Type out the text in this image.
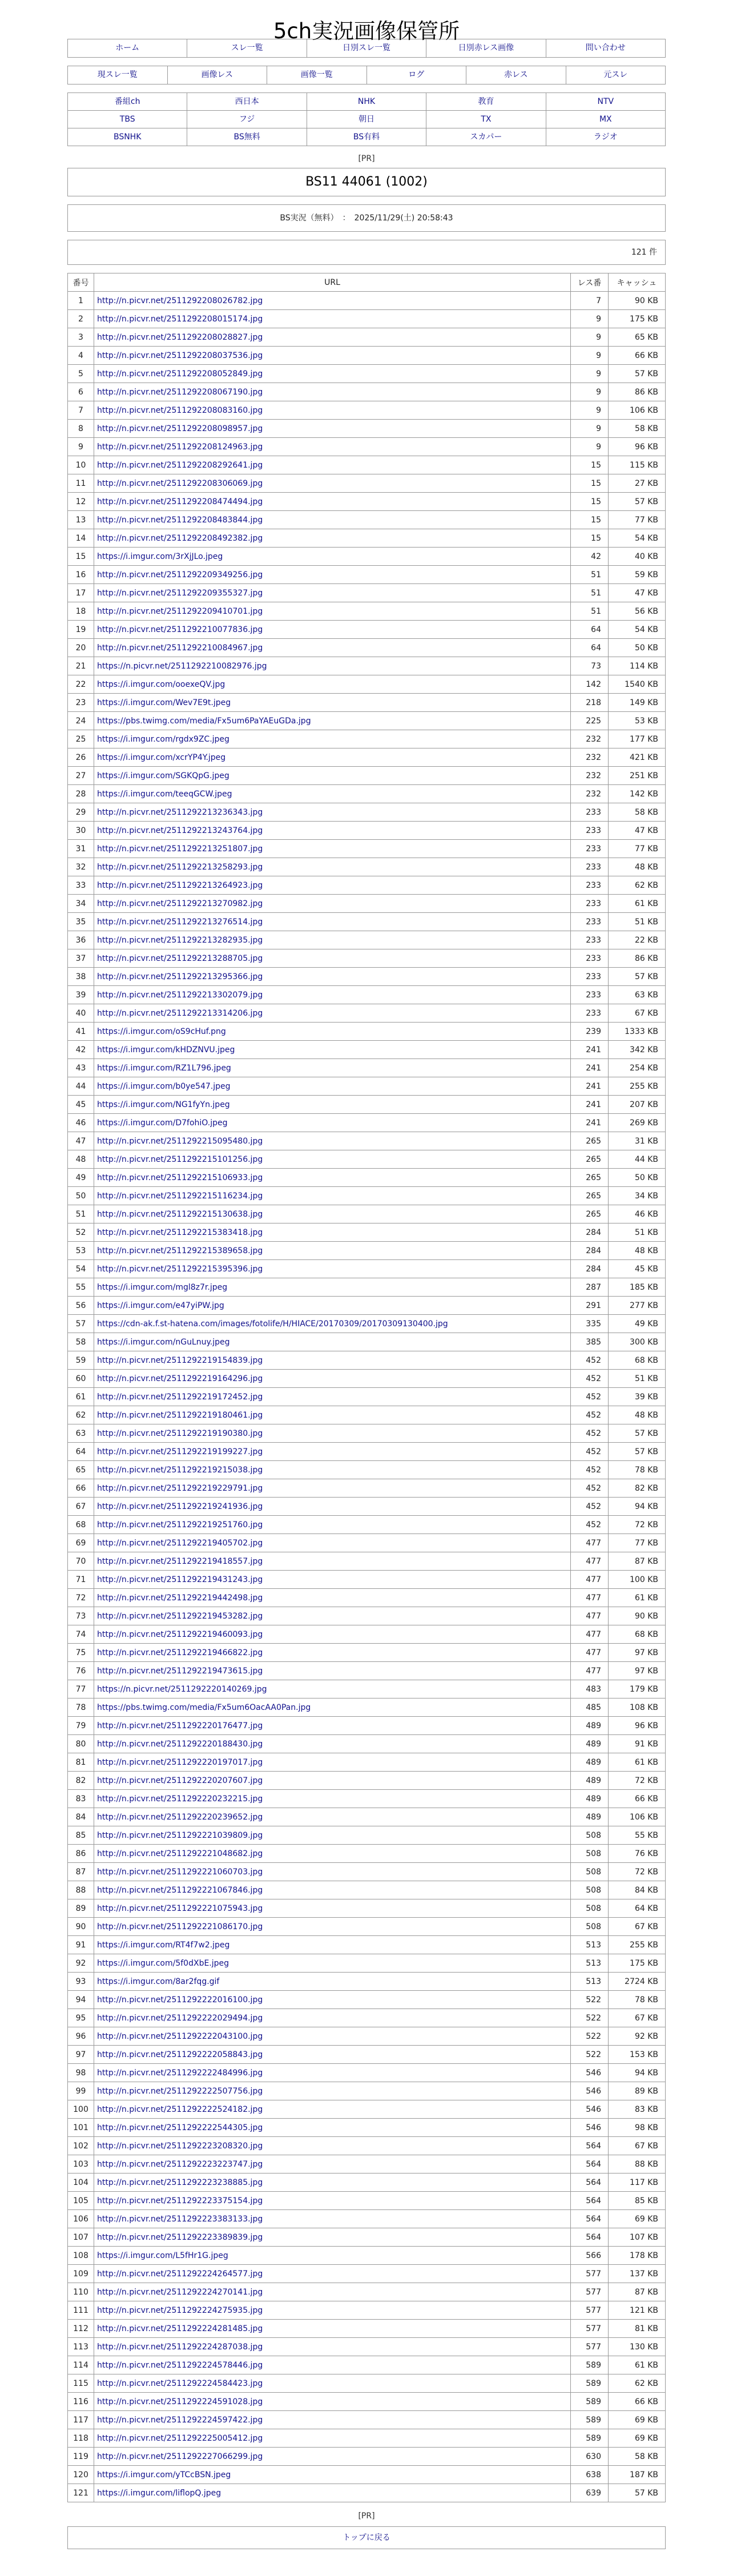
5ch実況画像保管所
ホーム	スレ一覧	日別スレ一覧	日別赤レス画像	問い合わせ
現スレ一覧	画像レス	画像一覧	ログ	赤レス	元スレ
番組ch	西日本	NHK	教育	NTV
TBS	フジ	朝日	TX	MX
BSNHK	BS無料	BS有料	スカパー	ラジオ
[PR]
BS11 44061 (1002)
BS実況（無料）　：　2025/11/29(土) 20:58:43
121 件
番号	URL	レス番	キャッシュ
1	http://n.picvr.net/2511292208026782.jpg	7	90 KB
2	http://n.picvr.net/2511292208015174.jpg	9	175 KB
3	http://n.picvr.net/2511292208028827.jpg	9	65 KB
4	http://n.picvr.net/2511292208037536.jpg	9	66 KB
5	http://n.picvr.net/2511292208052849.jpg	9	57 KB
6	http://n.picvr.net/2511292208067190.jpg	9	86 KB
7	http://n.picvr.net/2511292208083160.jpg	9	106 KB
8	http://n.picvr.net/2511292208098957.jpg	9	58 KB
9	http://n.picvr.net/2511292208124963.jpg	9	96 KB
10	http://n.picvr.net/2511292208292641.jpg	15	115 KB
11	http://n.picvr.net/2511292208306069.jpg	15	27 KB
12	http://n.picvr.net/2511292208474494.jpg	15	57 KB
13	http://n.picvr.net/2511292208483844.jpg	15	77 KB
14	http://n.picvr.net/2511292208492382.jpg	15	54 KB
15	https://i.imgur.com/3rXjJLo.jpeg	42	40 KB
16	http://n.picvr.net/2511292209349256.jpg	51	59 KB
17	http://n.picvr.net/2511292209355327.jpg	51	47 KB
18	http://n.picvr.net/2511292209410701.jpg	51	56 KB
19	http://n.picvr.net/2511292210077836.jpg	64	54 KB
20	http://n.picvr.net/2511292210084967.jpg	64	50 KB
21	https://n.picvr.net/2511292210082976.jpg	73	114 KB
22	https://i.imgur.com/ooexeQV.jpg	142	1540 KB
23	https://i.imgur.com/Wev7E9t.jpeg	218	149 KB
24	https://pbs.twimg.com/media/Fx5um6PaYAEuGDa.jpg	225	53 KB
25	https://i.imgur.com/rgdx9ZC.jpeg	232	177 KB
26	https://i.imgur.com/xcrYP4Y.jpeg	232	421 KB
27	https://i.imgur.com/SGKQpG.jpeg	232	251 KB
28	https://i.imgur.com/teeqGCW.jpeg	232	142 KB
29	http://n.picvr.net/2511292213236343.jpg	233	58 KB
30	http://n.picvr.net/2511292213243764.jpg	233	47 KB
31	http://n.picvr.net/2511292213251807.jpg	233	77 KB
32	http://n.picvr.net/2511292213258293.jpg	233	48 KB
33	http://n.picvr.net/2511292213264923.jpg	233	62 KB
34	http://n.picvr.net/2511292213270982.jpg	233	61 KB
35	http://n.picvr.net/2511292213276514.jpg	233	51 KB
36	http://n.picvr.net/2511292213282935.jpg	233	22 KB
37	http://n.picvr.net/2511292213288705.jpg	233	86 KB
38	http://n.picvr.net/2511292213295366.jpg	233	57 KB
39	http://n.picvr.net/2511292213302079.jpg	233	63 KB
40	http://n.picvr.net/2511292213314206.jpg	233	67 KB
41	https://i.imgur.com/oS9cHuf.png	239	1333 KB
42	https://i.imgur.com/kHDZNVU.jpeg	241	342 KB
43	https://i.imgur.com/RZ1L796.jpeg	241	254 KB
44	https://i.imgur.com/b0ye547.jpeg	241	255 KB
45	https://i.imgur.com/NG1fyYn.jpeg	241	207 KB
46	https://i.imgur.com/D7fohiO.jpeg	241	269 KB
47	http://n.picvr.net/2511292215095480.jpg	265	31 KB
48	http://n.picvr.net/2511292215101256.jpg	265	44 KB
49	http://n.picvr.net/2511292215106933.jpg	265	50 KB
50	http://n.picvr.net/2511292215116234.jpg	265	34 KB
51	http://n.picvr.net/2511292215130638.jpg	265	46 KB
52	http://n.picvr.net/2511292215383418.jpg	284	51 KB
53	http://n.picvr.net/2511292215389658.jpg	284	48 KB
54	http://n.picvr.net/2511292215395396.jpg	284	45 KB
55	https://i.imgur.com/mgl8z7r.jpeg	287	185 KB
56	https://i.imgur.com/e47yiPW.jpg	291	277 KB
57	https://cdn-ak.f.st-hatena.com/images/fotolife/H/HIACE/20170309/20170309130400.jpg	335	49 KB
58	https://i.imgur.com/nGuLnuy.jpeg	385	300 KB
59	http://n.picvr.net/2511292219154839.jpg	452	68 KB
60	http://n.picvr.net/2511292219164296.jpg	452	51 KB
61	http://n.picvr.net/2511292219172452.jpg	452	39 KB
62	http://n.picvr.net/2511292219180461.jpg	452	48 KB
63	http://n.picvr.net/2511292219190380.jpg	452	57 KB
64	http://n.picvr.net/2511292219199227.jpg	452	57 KB
65	http://n.picvr.net/2511292219215038.jpg	452	78 KB
66	http://n.picvr.net/2511292219229791.jpg	452	82 KB
67	http://n.picvr.net/2511292219241936.jpg	452	94 KB
68	http://n.picvr.net/2511292219251760.jpg	452	72 KB
69	http://n.picvr.net/2511292219405702.jpg	477	77 KB
70	http://n.picvr.net/2511292219418557.jpg	477	87 KB
71	http://n.picvr.net/2511292219431243.jpg	477	100 KB
72	http://n.picvr.net/2511292219442498.jpg	477	61 KB
73	http://n.picvr.net/2511292219453282.jpg	477	90 KB
74	http://n.picvr.net/2511292219460093.jpg	477	68 KB
75	http://n.picvr.net/2511292219466822.jpg	477	97 KB
76	http://n.picvr.net/2511292219473615.jpg	477	97 KB
77	https://n.picvr.net/2511292220140269.jpg	483	179 KB
78	https://pbs.twimg.com/media/Fx5um6OacAA0Pan.jpg	485	108 KB
79	http://n.picvr.net/2511292220176477.jpg	489	96 KB
80	http://n.picvr.net/2511292220188430.jpg	489	91 KB
81	http://n.picvr.net/2511292220197017.jpg	489	61 KB
82	http://n.picvr.net/2511292220207607.jpg	489	72 KB
83	http://n.picvr.net/2511292220232215.jpg	489	66 KB
84	http://n.picvr.net/2511292220239652.jpg	489	106 KB
85	http://n.picvr.net/2511292221039809.jpg	508	55 KB
86	http://n.picvr.net/2511292221048682.jpg	508	76 KB
87	http://n.picvr.net/2511292221060703.jpg	508	72 KB
88	http://n.picvr.net/2511292221067846.jpg	508	84 KB
89	http://n.picvr.net/2511292221075943.jpg	508	64 KB
90	http://n.picvr.net/2511292221086170.jpg	508	67 KB
91	https://i.imgur.com/RT4f7w2.jpeg	513	255 KB
92	https://i.imgur.com/5f0dXbE.jpeg	513	175 KB
93	https://i.imgur.com/8ar2fqg.gif	513	2724 KB
94	http://n.picvr.net/2511292222016100.jpg	522	78 KB
95	http://n.picvr.net/2511292222029494.jpg	522	67 KB
96	http://n.picvr.net/2511292222043100.jpg	522	92 KB
97	http://n.picvr.net/2511292222058843.jpg	522	153 KB
98	http://n.picvr.net/2511292222484996.jpg	546	94 KB
99	http://n.picvr.net/2511292222507756.jpg	546	89 KB
100	http://n.picvr.net/2511292222524182.jpg	546	83 KB
101	http://n.picvr.net/2511292222544305.jpg	546	98 KB
102	http://n.picvr.net/2511292223208320.jpg	564	67 KB
103	http://n.picvr.net/2511292223223747.jpg	564	88 KB
104	http://n.picvr.net/2511292223238885.jpg	564	117 KB
105	http://n.picvr.net/2511292223375154.jpg	564	85 KB
106	http://n.picvr.net/2511292223383133.jpg	564	69 KB
107	http://n.picvr.net/2511292223389839.jpg	564	107 KB
108	https://i.imgur.com/L5fHr1G.jpeg	566	178 KB
109	http://n.picvr.net/2511292224264577.jpg	577	137 KB
110	http://n.picvr.net/2511292224270141.jpg	577	87 KB
111	http://n.picvr.net/2511292224275935.jpg	577	121 KB
112	http://n.picvr.net/2511292224281485.jpg	577	81 KB
113	http://n.picvr.net/2511292224287038.jpg	577	130 KB
114	http://n.picvr.net/2511292224578446.jpg	589	61 KB
115	http://n.picvr.net/2511292224584423.jpg	589	62 KB
116	http://n.picvr.net/2511292224591028.jpg	589	66 KB
117	http://n.picvr.net/2511292224597422.jpg	589	69 KB
118	http://n.picvr.net/2511292225005412.jpg	589	69 KB
119	http://n.picvr.net/2511292227066299.jpg	630	58 KB
120	https://i.imgur.com/yTCcBSN.jpeg	638	187 KB
121	https://i.imgur.com/liflopQ.jpeg	639	57 KB
[PR]
トップに戻る
